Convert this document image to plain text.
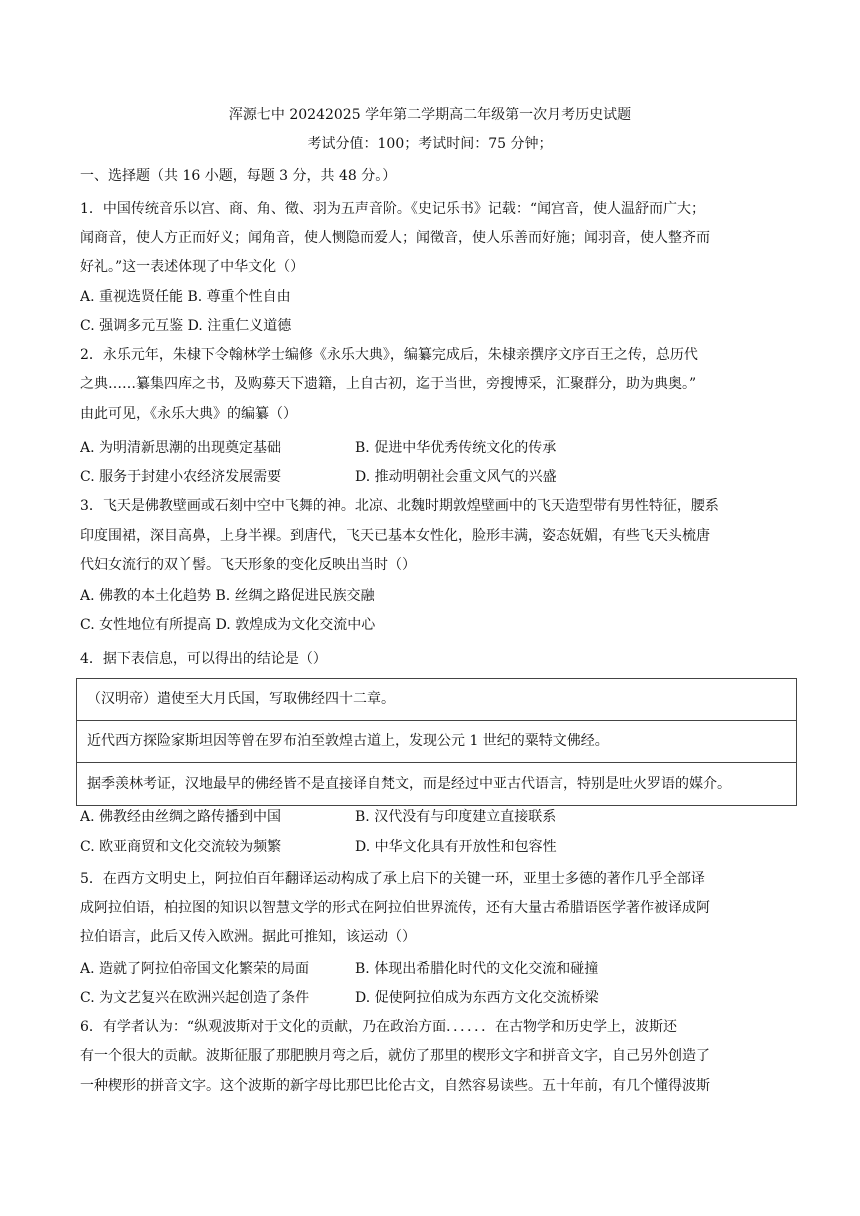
浑源七中 20242025 学年第二学期高二年级第一次月考历史试题
考试分值：100；考试时间：75 分钟；
一、选择题（共 16 小题，每题 3 分，共 48 分。）
1．中国传统音乐以宫、商、角、徵、羽为五声音阶。《史记乐书》记载：“闻宫音，使人温舒而广大；
闻商音，使人方正而好义；闻角音，使人恻隐而爱人；闻徵音，使人乐善而好施；闻羽音，使人整齐而
好礼。”这一表述体现了中华文化（）
A. 重视选贤任能 B. 尊重个性自由
C. 强调多元互鉴 D. 注重仁义道德
2．永乐元年，朱棣下令翰林学士编修《永乐大典》，编纂完成后，朱棣亲撰序文序百王之传，总历代
之典……纂集四库之书，及购募天下遗籍，上自古初，迄于当世，旁搜博采，汇聚群分，助为典奥。”
由此可见，《永乐大典》的编纂（）
A. 为明清新思潮的出现奠定基础	B. 促进中华优秀传统文化的传承
C. 服务于封建小农经济发展需要	D. 推动明朝社会重文风气的兴盛
3．飞天是佛教壁画或石刻中空中飞舞的神。北凉、北魏时期敦煌壁画中的飞天造型带有男性特征，腰系
印度围裙，深目高鼻，上身半裸。到唐代，飞天已基本女性化，脸形丰满，姿态妩媚，有些飞天头梳唐
代妇女流行的双丫髻。飞天形象的变化反映出当时（）
A. 佛教的本土化趋势 B. 丝绸之路促进民族交融
C. 女性地位有所提高 D. 敦煌成为文化交流中心
4．据下表信息，可以得出的结论是（）
（汉明帝）遣使至大月氏国，写取佛经四十二章。
近代西方探险家斯坦因等曾在罗布泊至敦煌古道上，发现公元 1 世纪的粟特文佛经。
据季羡林考证，汉地最早的佛经皆不是直接译自梵文，而是经过中亚古代语言，特别是吐火罗语的媒介。
A. 佛教经由丝绸之路传播到中国	B. 汉代没有与印度建立直接联系
C. 欧亚商贸和文化交流较为频繁	D. 中华文化具有开放性和包容性
5．在西方文明史上，阿拉伯百年翻译运动构成了承上启下的关键一环，亚里士多德的著作几乎全部译
成阿拉伯语，柏拉图的知识以智慧文学的形式在阿拉伯世界流传，还有大量古希腊语医学著作被译成阿
拉伯语言，此后又传入欧洲。据此可推知，该运动（）
A. 造就了阿拉伯帝国文化繁荣的局面	B. 体现出希腊化时代的文化交流和碰撞
C. 为文艺复兴在欧洲兴起创造了条件	D. 促使阿拉伯成为东西方文化交流桥梁
6．有学者认为：“纵观波斯对于文化的贡献，乃在政治方面．．．．．．在古物学和历史学上，波斯还
有一个很大的贡献。波斯征服了那肥腴月弯之后，就仿了那里的楔形文字和拼音文字，自己另外创造了
一种楔形的拼音文字。这个波斯的新字母比那巴比伦古文，自然容易读些。五十年前，有几个懂得波斯
